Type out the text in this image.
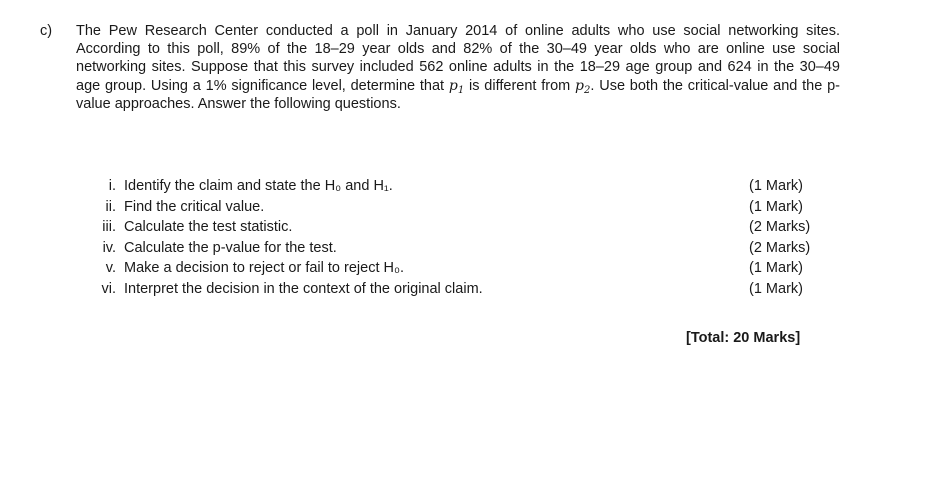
c) The Pew Research Center conducted a poll in January 2014 of online adults who use social networking sites. According to this poll, 89% of the 18–29 year olds and 82% of the 30–49 year olds who are online use social networking sites. Suppose that this survey included 562 online adults in the 18–29 age group and 624 in the 30–49 age group. Using a 1% significance level, determine that $p_1$ is different from $p_2$. Use both the critical-value and the p-value approaches. Answer the following questions.
i. Identify the claim and state the H₀ and H₁.	(1 Mark)
ii. Find the critical value.	(1 Mark)
iii. Calculate the test statistic.	(2 Marks)
iv. Calculate the p-value for the test.	(2 Marks)
v. Make a decision to reject or fail to reject H₀.	(1 Mark)
vi. Interpret the decision in the context of the original claim.	(1 Mark)
[Total: 20 Marks]
